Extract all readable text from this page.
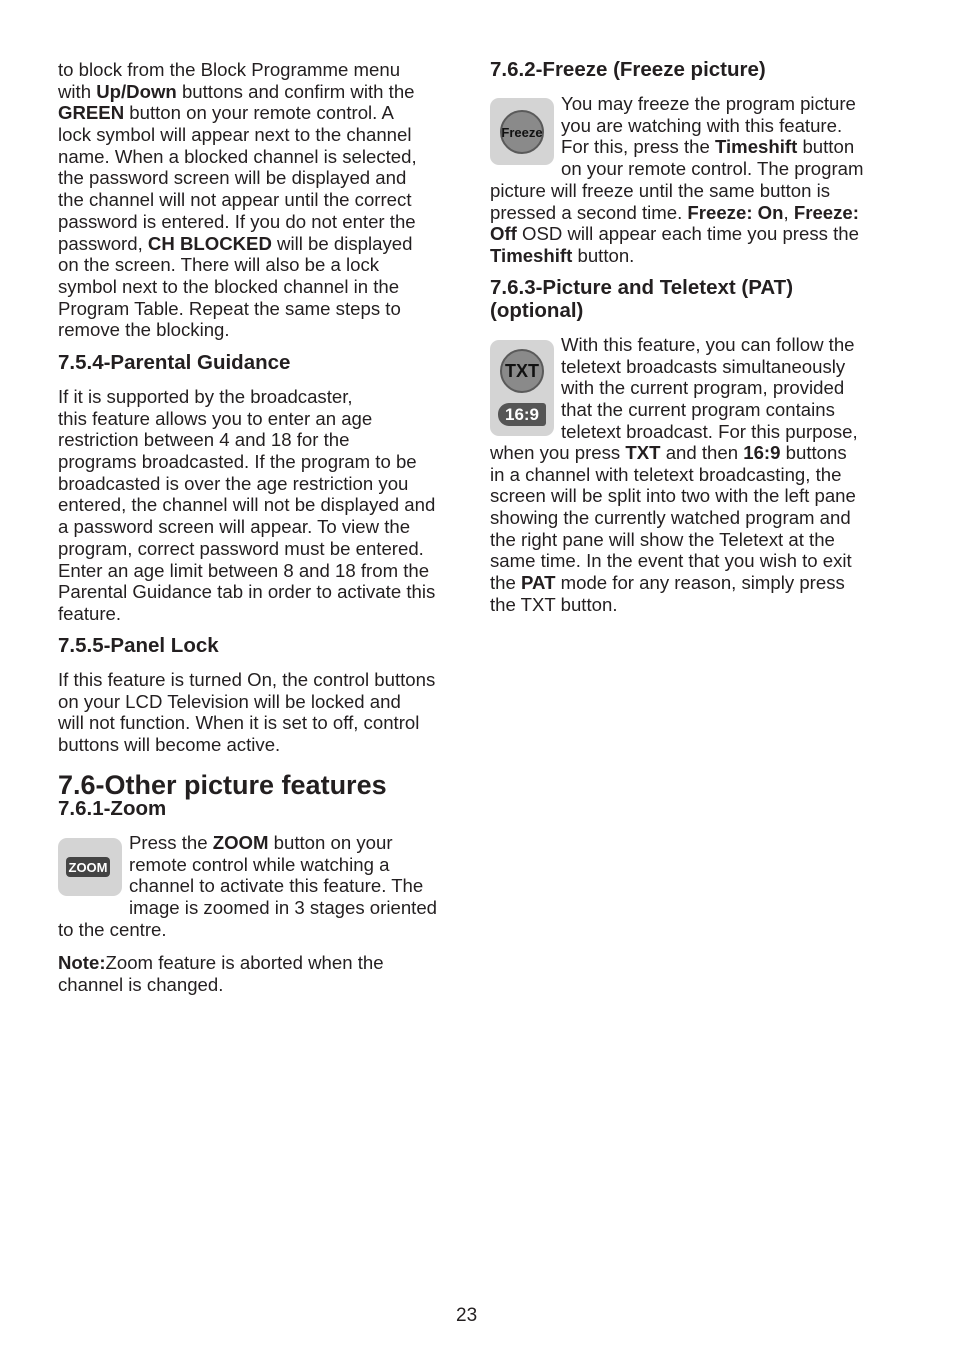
to block from the Block Programme menu
with Up/Down buttons and confirm with the
GREEN button on your remote control. A
lock symbol will appear next to the channel
name. When a blocked channel is selected,
the password screen will be displayed and
the channel will not appear until the correct
password is entered. If you do not enter the
password, CH BLOCKED will be displayed
on the screen. There will also be a lock
symbol next to the blocked channel in the
Program Table. Repeat the same steps to
remove the blocking.
7.5.4-Parental Guidance
If it is supported by the broadcaster,
this feature allows you to enter an age
restriction between 4 and 18 for the
programs broadcasted. If the program to be
broadcasted is over the age restriction you
entered, the channel will not be displayed and
a password screen will appear. To view the
program, correct password must be entered.
Enter an age limit between 8 and 18 from the
Parental Guidance tab in order to activate this
feature.
7.5.5-Panel Lock
If this feature is turned On, the control buttons
on your LCD Television will be locked and
will not function. When it is set to off, control
buttons will become active.
7.6-Other picture features
7.6.1-Zoom
ZOOM
Press the ZOOM button on your
remote control while watching a
channel to activate this feature. The
image is zoomed in 3 stages oriented
to the centre.
Note:Zoom feature is aborted when the
channel is changed.
7.6.2-Freeze (Freeze picture)
Freeze
You may freeze the program picture
you are watching with this feature.
For this, press the Timeshift button
on your remote control. The program
picture will freeze until the same button is
pressed a second time. Freeze: On, Freeze:
Off OSD will appear each time you press the
Timeshift button.
7.6.3-Picture and Teletext (PAT)
(optional)
TXT
16:9
With this feature, you can follow the
teletext broadcasts simultaneously
with the current program, provided
that the current program contains
teletext broadcast. For this purpose,
when you press TXT and then 16:9 buttons
in a channel with teletext broadcasting, the
screen will be split into two with the left pane
showing the currently watched program and
the right pane will show the Teletext at the
same time. In the event that you wish to exit
the PAT mode for any reason, simply press
the TXT button.
23
